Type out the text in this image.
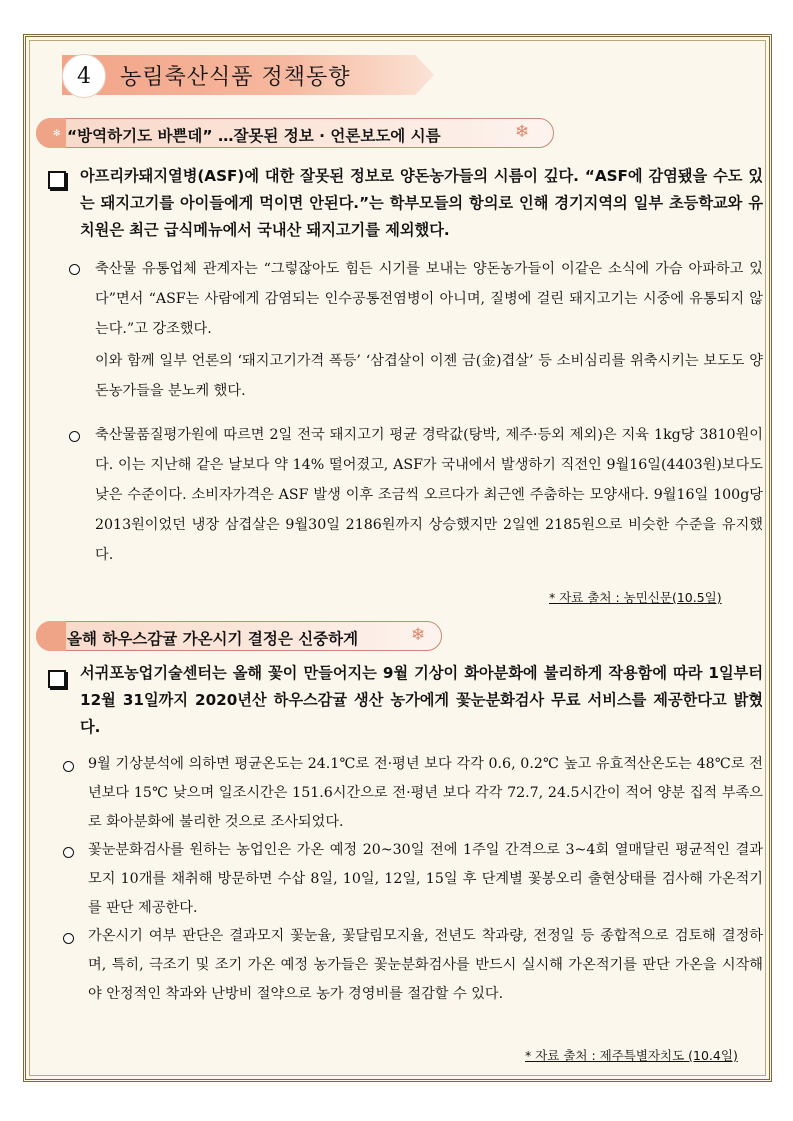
4	농림축산식품 정책동향
✻ “방역하기도 바쁜데” …잘못된 정보 · 언론보도에 시름	❄
아프리카돼지열병(ASF)에 대한 잘못된 정보로 양돈농가들의 시름이 깊다. “ASF에 감염됐을 수도 있는 돼지고기를 아이들에게 먹이면 안된다.”는 학부모들의 항의로 인해 경기지역의 일부 초등학교와 유치원은 최근 급식메뉴에서 국내산 돼지고기를 제외했다.
축산물 유통업체 관계자는 “그렇잖아도 힘든 시기를 보내는 양돈농가들이 이같은 소식에 가슴 아파하고 있다”면서 “ASF는 사람에게 감염되는 인수공통전염병이 아니며, 질병에 걸린 돼지고기는 시중에 유통되지 않는다.”고 강조했다.
이와 함께 일부 언론의 ‘돼지고기가격 폭등’ ‘삼겹살이 이젠 금(金)겹살’ 등 소비심리를 위축시키는 보도도 양돈농가들을 분노케 했다.
축산물품질평가원에 따르면 2일 전국 돼지고기 평균 경락값(탕박, 제주·등외 제외)은 지육 1kg당 3810원이다. 이는 지난해 같은 날보다 약 14% 떨어졌고, ASF가 국내에서 발생하기 직전인 9월16일(4403원)보다도 낮은 수준이다. 소비자가격은 ASF 발생 이후 조금씩 오르다가 최근엔 주춤하는 모양새다. 9월16일 100g당 2013원이었던 냉장 삼겹살은 9월30일 2186원까지 상승했지만 2일엔 2185원으로 비슷한 수준을 유지했다.
* 자료 출처 : 농민신문(10.5일)
올해 하우스감귤 가온시기 결정은 신중하게	❄
서귀포농업기술센터는 올해 꽃이 만들어지는 9월 기상이 화아분화에 불리하게 작용함에 따라 1일부터 12월 31일까지 2020년산 하우스감귤 생산 농가에게 꽃눈분화검사 무료 서비스를 제공한다고 밝혔다.
9월 기상분석에 의하면 평균온도는 24.1℃로 전·평년 보다 각각 0.6, 0.2℃ 높고 유효적산온도는 48℃로 전년보다 15℃ 낮으며 일조시간은 151.6시간으로 전·평년 보다 각각 72.7, 24.5시간이 적어 양분 집적 부족으로 화아분화에 불리한 것으로 조사되었다.
꽃눈분화검사를 원하는 농업인은 가온 예정 20~30일 전에 1주일 간격으로 3~4회 열매달린 평균적인 결과모지 10개를 채취해 방문하면 수삽 8일, 10일, 12일, 15일 후 단계별 꽃봉오리 출현상태를 검사해 가온적기를 판단 제공한다.
가온시기 여부 판단은 결과모지 꽃눈율, 꽃달림모지율, 전년도 착과량, 전정일 등 종합적으로 검토해 결정하며, 특히, 극조기 및 조기 가온 예정 농가들은 꽃눈분화검사를 반드시 실시해 가온적기를 판단 가온을 시작해야 안정적인 착과와 난방비 절약으로 농가 경영비를 절감할 수 있다.
* 자료 출처 : 제주특별자치도 (10.4일)
